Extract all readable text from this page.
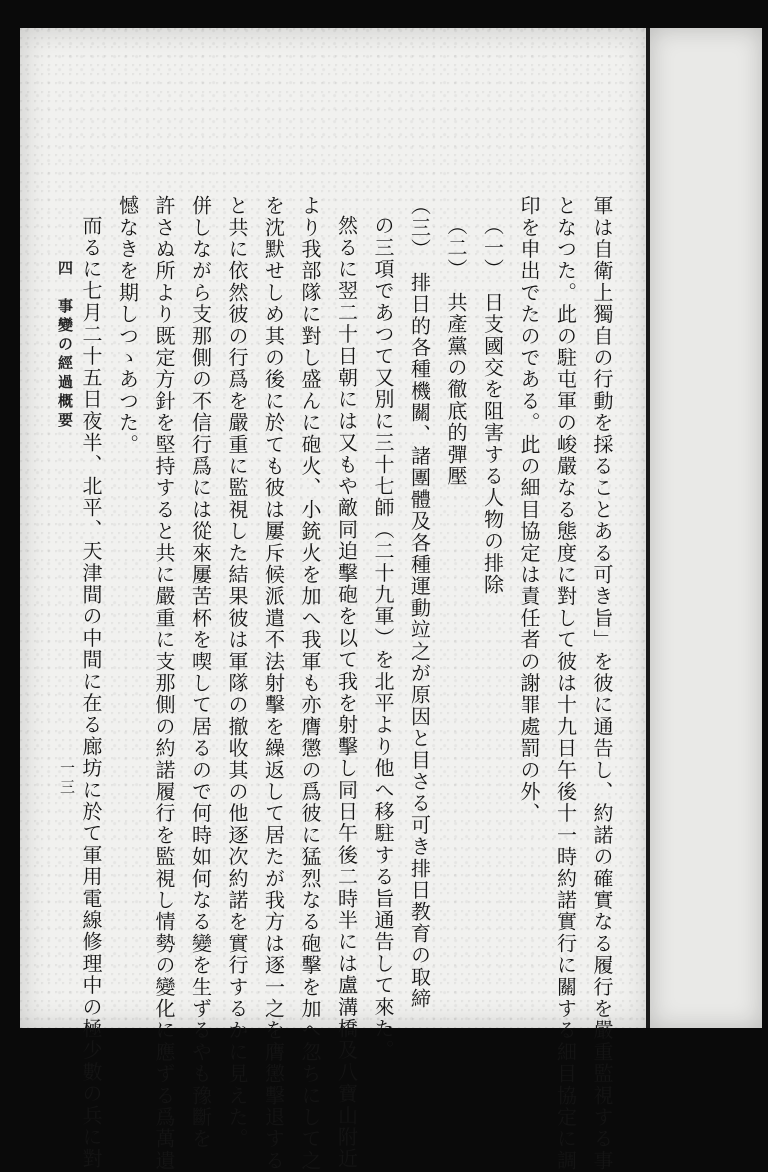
軍は自衛上獨自の行動を採ることある可き旨」を彼に通告し、約諾の確實なる履行を嚴重監視する事

となつた。此の駐屯軍の峻嚴なる態度に對して彼は十九日午後十一時約諾實行に關する細目協定に調

印を申出でたのである。此の細目協定は責任者の謝罪處罰の外、

（一）　日支國交を阻害する人物の排除

（二）　共產黨の徹底的彈壓

（三）　排日的各種機關、諸團體及各種運動竝之が原因と目さる可き排日教育の取締

の三項であつて又別に三十七師（二十九軍）を北平より他へ移駐する旨通告して來た。

然るに翌二十日朝には又もや敵同迫擊砲を以て我を射擊し同日午後二時半には盧溝橋及八寶山附近

より我部隊に對し盛んに砲火、小銃火を加へ我軍も亦膺懲の爲彼に猛烈なる砲擊を加へ忽ちにして之

を沈默せしめ其の後に於ても彼は屢斥候派遣不法射擊を繰返して居たが我方は逐一之を膺懲擊退する

と共に依然彼の行爲を嚴重に監視した結果彼は軍隊の撤收其の他逐次約諾を實行するかに見えた。

併しながら支那側の不信行爲には從來屢苦杯を喫して居るので何時如何なる變を生ずるやも豫斷を

許さぬ所より既定方針を堅持すると共に嚴重に支那側の約諾履行を監視し情勢の變化に應ずる爲萬遺

憾なきを期しつゝあつた。

而るに七月二十五日夜半、北平、天津間の中間に在る廊坊に於て軍用電線修理中の極少數の兵に對

四　事變の經過概要
一三
